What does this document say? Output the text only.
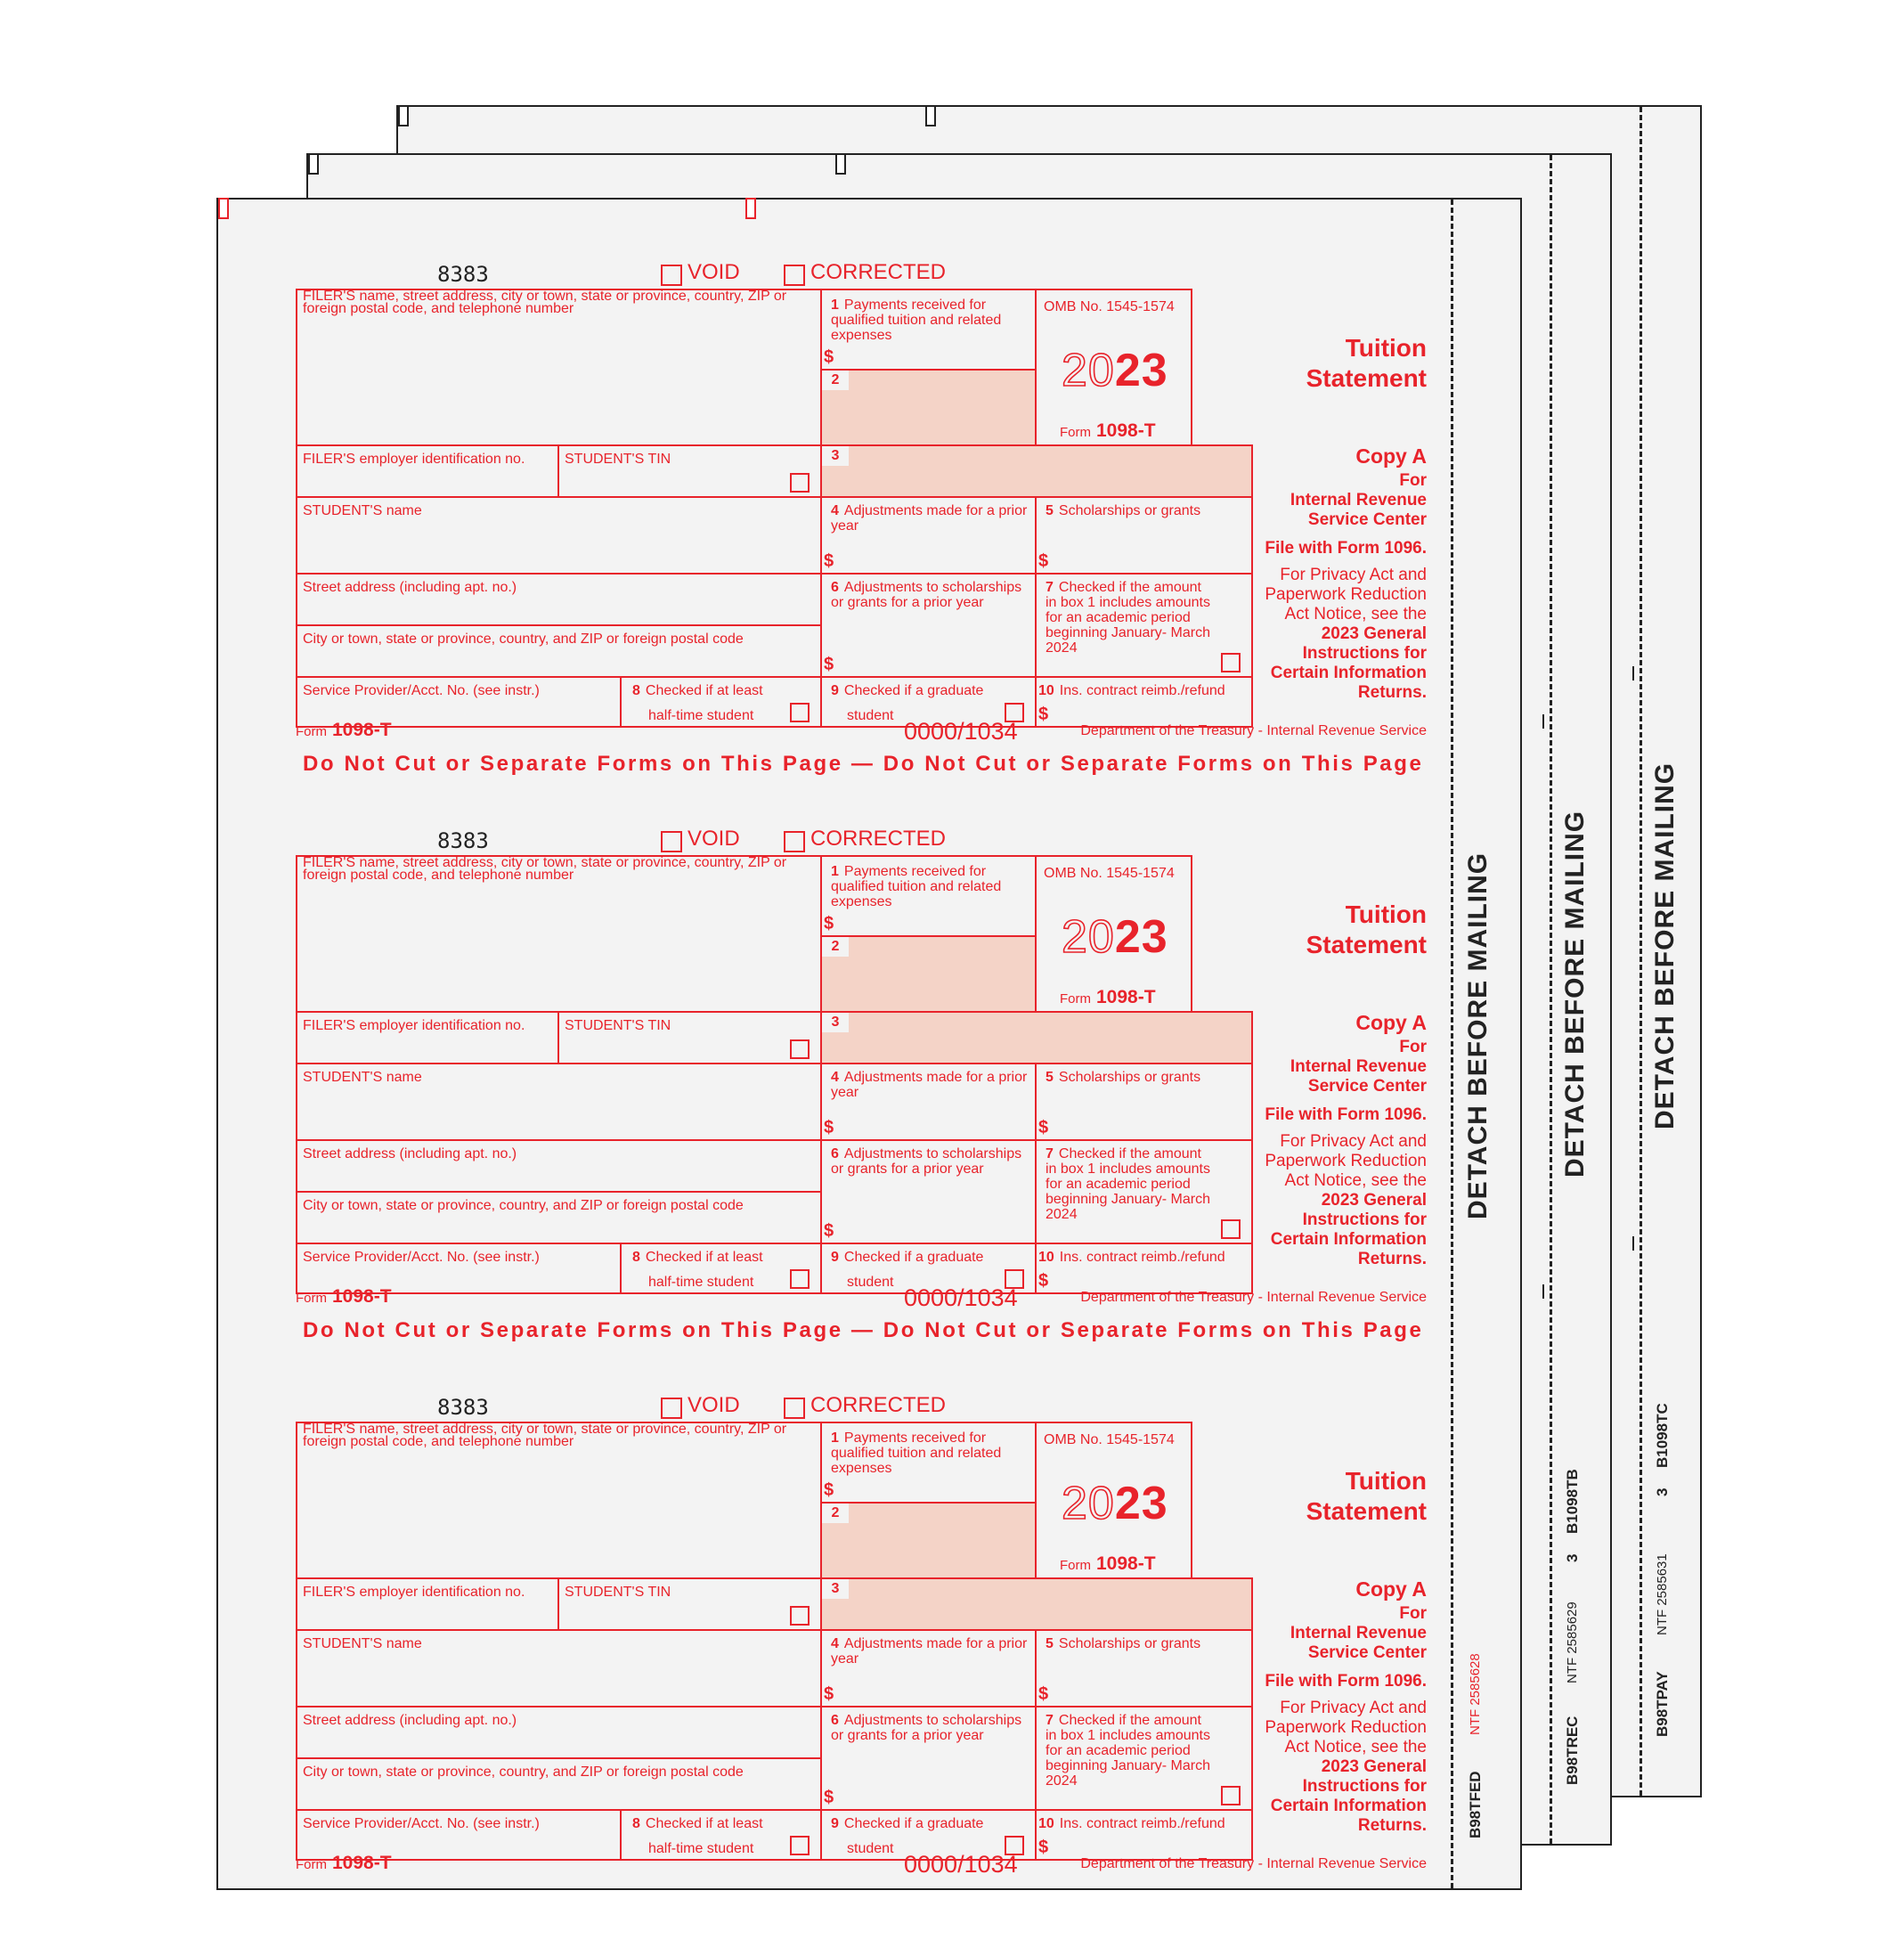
DETACH BEFORE MAILING
B98TPAY
NTF 2585631
3
B1098TC
DETACH BEFORE MAILING
B98TREC
NTF 2585629
3
B1098TB
DETACH BEFORE MAILING
B98TFED
NTF 2585628
8383	VOID	CORRECTED
FILER'S name, street address, city or town, state or province, country, ZIP or foreign postal code, and telephone number	1 Payments received for qualified tuition and related expenses
$
2
OMB No. 1545-1574
2023
Form 1098-T
Tuition
Statement
FILER'S employer identification no.	STUDENT'S TIN	3	Copy A
For
Internal Revenue
Service Center
File with Form 1096.
For Privacy Act and
Paperwork Reduction
Act Notice, see the
2023 General
Instructions for
Certain Information
Returns.
STUDENT'S name	4 Adjustments made for a prior year
$
5 Scholarships or grants
$
Street address (including apt. no.)
City or town, state or province, country, and ZIP or foreign postal code
6 Adjustments to scholarships or grants for a prior year
$
7 Checked if the amount in box 1 includes amounts for an academic period beginning January- March 2024
Service Provider/Acct. No. (see instr.)	8 Checked if at least
half-time student
9 Checked if a graduate
student
10 Ins. contract reimb./refund
$
Form 1098-T	0000/1034	Department of the Treasury - Internal Revenue Service
Do Not Cut or Separate Forms on This Page — Do Not Cut or Separate Forms on This Page
8383	VOID	CORRECTED
FILER'S name, street address, city or town, state or province, country, ZIP or foreign postal code, and telephone number	1 Payments received for qualified tuition and related expenses
$
2
OMB No. 1545-1574
2023
Form 1098-T
Tuition
Statement
FILER'S employer identification no.	STUDENT'S TIN	3	Copy A
For
Internal Revenue
Service Center
File with Form 1096.
For Privacy Act and
Paperwork Reduction
Act Notice, see the
2023 General
Instructions for
Certain Information
Returns.
STUDENT'S name	4 Adjustments made for a prior year
$
5 Scholarships or grants
$
Street address (including apt. no.)
City or town, state or province, country, and ZIP or foreign postal code
6 Adjustments to scholarships or grants for a prior year
$
7 Checked if the amount in box 1 includes amounts for an academic period beginning January- March 2024
Service Provider/Acct. No. (see instr.)	8 Checked if at least
half-time student
9 Checked if a graduate
student
10 Ins. contract reimb./refund
$
Form 1098-T	0000/1034	Department of the Treasury - Internal Revenue Service
Do Not Cut or Separate Forms on This Page — Do Not Cut or Separate Forms on This Page
8383	VOID	CORRECTED
FILER'S name, street address, city or town, state or province, country, ZIP or foreign postal code, and telephone number	1 Payments received for qualified tuition and related expenses
$
2
OMB No. 1545-1574
2023
Form 1098-T
Tuition
Statement
FILER'S employer identification no.	STUDENT'S TIN	3	Copy A
For
Internal Revenue
Service Center
File with Form 1096.
For Privacy Act and
Paperwork Reduction
Act Notice, see the
2023 General
Instructions for
Certain Information
Returns.
STUDENT'S name	4 Adjustments made for a prior year
$
5 Scholarships or grants
$
Street address (including apt. no.)
City or town, state or province, country, and ZIP or foreign postal code
6 Adjustments to scholarships or grants for a prior year
$
7 Checked if the amount in box 1 includes amounts for an academic period beginning January- March 2024
Service Provider/Acct. No. (see instr.)	8 Checked if at least
half-time student
9 Checked if a graduate
student
10 Ins. contract reimb./refund
$
Form 1098-T	0000/1034	Department of the Treasury - Internal Revenue Service
